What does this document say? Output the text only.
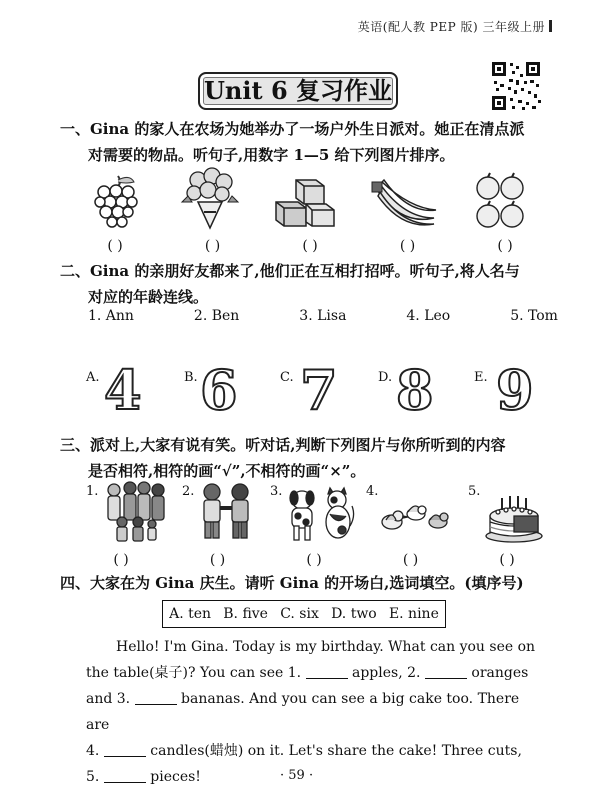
英语(配人教 PEP 版) 三年级上册
Unit 6 复习作业
一、Gina 的家人在农场为她举办了一场户外生日派对。她正在清点派
对需要的物品。听句子,用数字 1—5 给下列图片排序。
( )	( )	( )	( )	( )
二、Gina 的亲朋好友都来了,他们正在互相打招呼。听句子,将人名与
对应的年龄连线。
1. Ann	2. Ben	3. Lisa	4. Leo	5. Tom
A.	B.	C.	D.	E.
4 6 7 8 9
三、派对上,大家有说有笑。听对话,判断下列图片与你所听到的内容
是否相符,相符的画“√”,不相符的画“×”。
1.	2.	3.	4.	5.
( )	( )	( )	( )	( )
四、大家在为 Gina 庆生。请听 Gina 的开场白,选词填空。(填序号)
A. ten B. five C. six D. two E. nine

Hello! I'm Gina. Today is my birthday. What can you see on

the table(桌子)? You can see 1.	apples, 2.	oranges
and 3.	bananas. And you can see a big cake too. There are
4.	candles(蜡烛) on it. Let's share the cake! Three cuts,
5.	pieces!	· 59 ·
